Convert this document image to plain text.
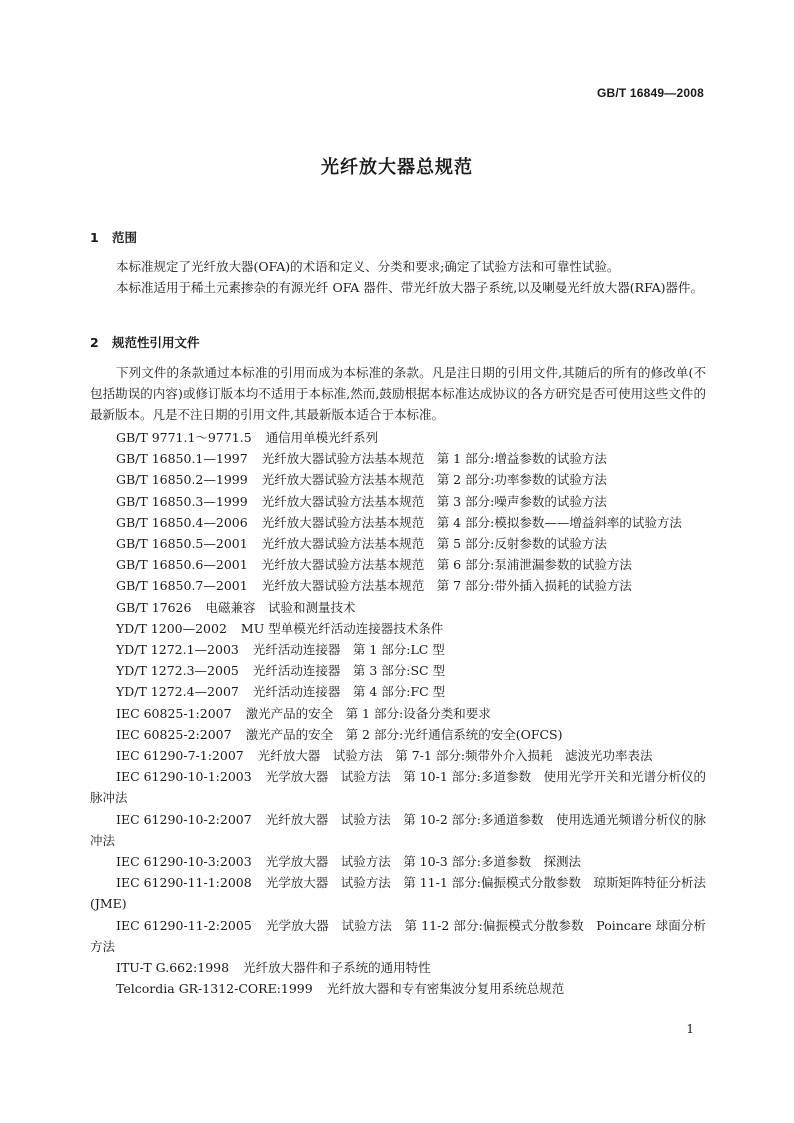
GB/T 16849—2008
光纤放大器总规范
1 范围

本标准规定了光纤放大器(OFA)的术语和定义、分类和要求;确定了试验方法和可靠性试验。

本标准适用于稀土元素掺杂的有源光纤 OFA 器件、带光纤放大器子系统,以及喇曼光纤放大器(RFA)器件。

2 规范性引用文件

下列文件的条款通过本标准的引用而成为本标准的条款。凡是注日期的引用文件,其随后的所有的修改单(不包括勘误的内容)或修订版本均不适用于本标准,然而,鼓励根据本标准达成协议的各方研究是否可使用这些文件的最新版本。凡是不注日期的引用文件,其最新版本适合于本标准。

GB/T 9771.1～9771.5 通信用单模光纤系列
GB/T 16850.1—1997 光纤放大器试验方法基本规范　第 1 部分:增益参数的试验方法
GB/T 16850.2—1999 光纤放大器试验方法基本规范　第 2 部分:功率参数的试验方法
GB/T 16850.3—1999 光纤放大器试验方法基本规范　第 3 部分:噪声参数的试验方法
GB/T 16850.4—2006 光纤放大器试验方法基本规范　第 4 部分:模拟参数——增益斜率的试验方法
GB/T 16850.5—2001 光纤放大器试验方法基本规范　第 5 部分:反射参数的试验方法
GB/T 16850.6—2001 光纤放大器试验方法基本规范　第 6 部分:泵浦泄漏参数的试验方法
GB/T 16850.7—2001 光纤放大器试验方法基本规范　第 7 部分:带外插入损耗的试验方法
GB/T 17626 电磁兼容　试验和测量技术
YD/T 1200—2002 MU 型单模光纤活动连接器技术条件
YD/T 1272.1—2003 光纤活动连接器　第 1 部分:LC 型
YD/T 1272.3—2005 光纤活动连接器　第 3 部分:SC 型
YD/T 1272.4—2007 光纤活动连接器　第 4 部分:FC 型
IEC 60825-1:2007 激光产品的安全　第 1 部分:设备分类和要求
IEC 60825-2:2007 激光产品的安全　第 2 部分:光纤通信系统的安全(OFCS)
IEC 61290-7-1:2007 光纤放大器　试验方法　第 7-1 部分:频带外介入损耗　滤波光功率表法
IEC 61290-10-1:2003 光学放大器　试验方法　第 10-1 部分:多道参数　使用光学开关和光谱分析仪的脉冲法
IEC 61290-10-2:2007 光纤放大器　试验方法　第 10-2 部分:多通道参数　使用选通光频谱分析仪的脉冲法
IEC 61290-10-3:2003 光学放大器　试验方法　第 10-3 部分:多道参数　探测法
IEC 61290-11-1:2008 光学放大器　试验方法　第 11-1 部分:偏振模式分散参数　琼斯矩阵特征分析法(JME)
IEC 61290-11-2:2005 光学放大器　试验方法　第 11-2 部分:偏振模式分散参数　Poincare 球面分析方法
ITU-T G.662:1998 光纤放大器件和子系统的通用特性
Telcordia GR-1312-CORE:1999 光纤放大器和专有密集波分复用系统总规范
1
